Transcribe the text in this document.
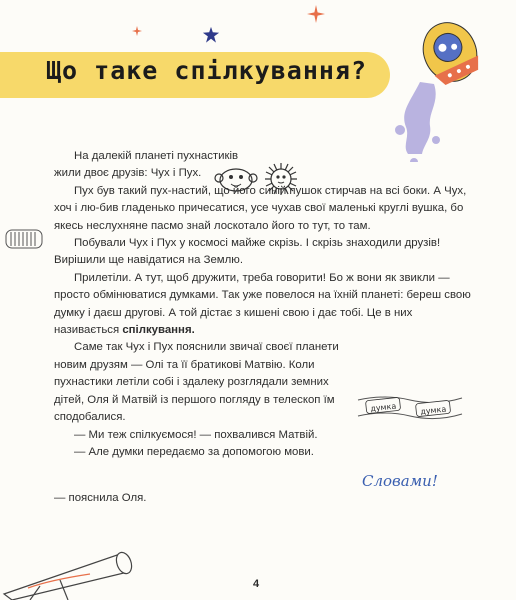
Що таке спілкування?
думка	думка

На далекій планеті пухнастиків жили двоє друзів: Чух і Пух.

Пух був такий пух-настий, що його синій пушок стирчав на всі боки. А Чух, хоч і лю-бив гладенько причесатися, усе чухав свої маленькі круглі вушка, бо якесь неслухняне пасмо знай лоскотало його то тут, то там.

Побували Чух і Пух у космосі майже скрізь. І скрізь знаходили друзів! Вирішили ще навідатися на Землю.

Прилетіли. А тут, щоб дружити, треба говорити! Бо ж вони як звикли — просто обмінюватися думками. Так уже повелося на їхній планеті: береш свою думку і даєш другові. А той дістає з кишені свою і дає тобі. Це в них називається спілкування.

Саме так Чух і Пух пояснили звичаї своєї планети новим друзям — Олі та її братикові Матвію. Коли пухнастики летіли собі і здалеку розглядали земних дітей, Оля й Матвій із першого погляду в телескоп їм сподобалися.

— Ми теж спілкуємося! — похвалився Матвій.

— Але думки передаємо за допомогою мови.

Словами!
— пояснила Оля.
4
